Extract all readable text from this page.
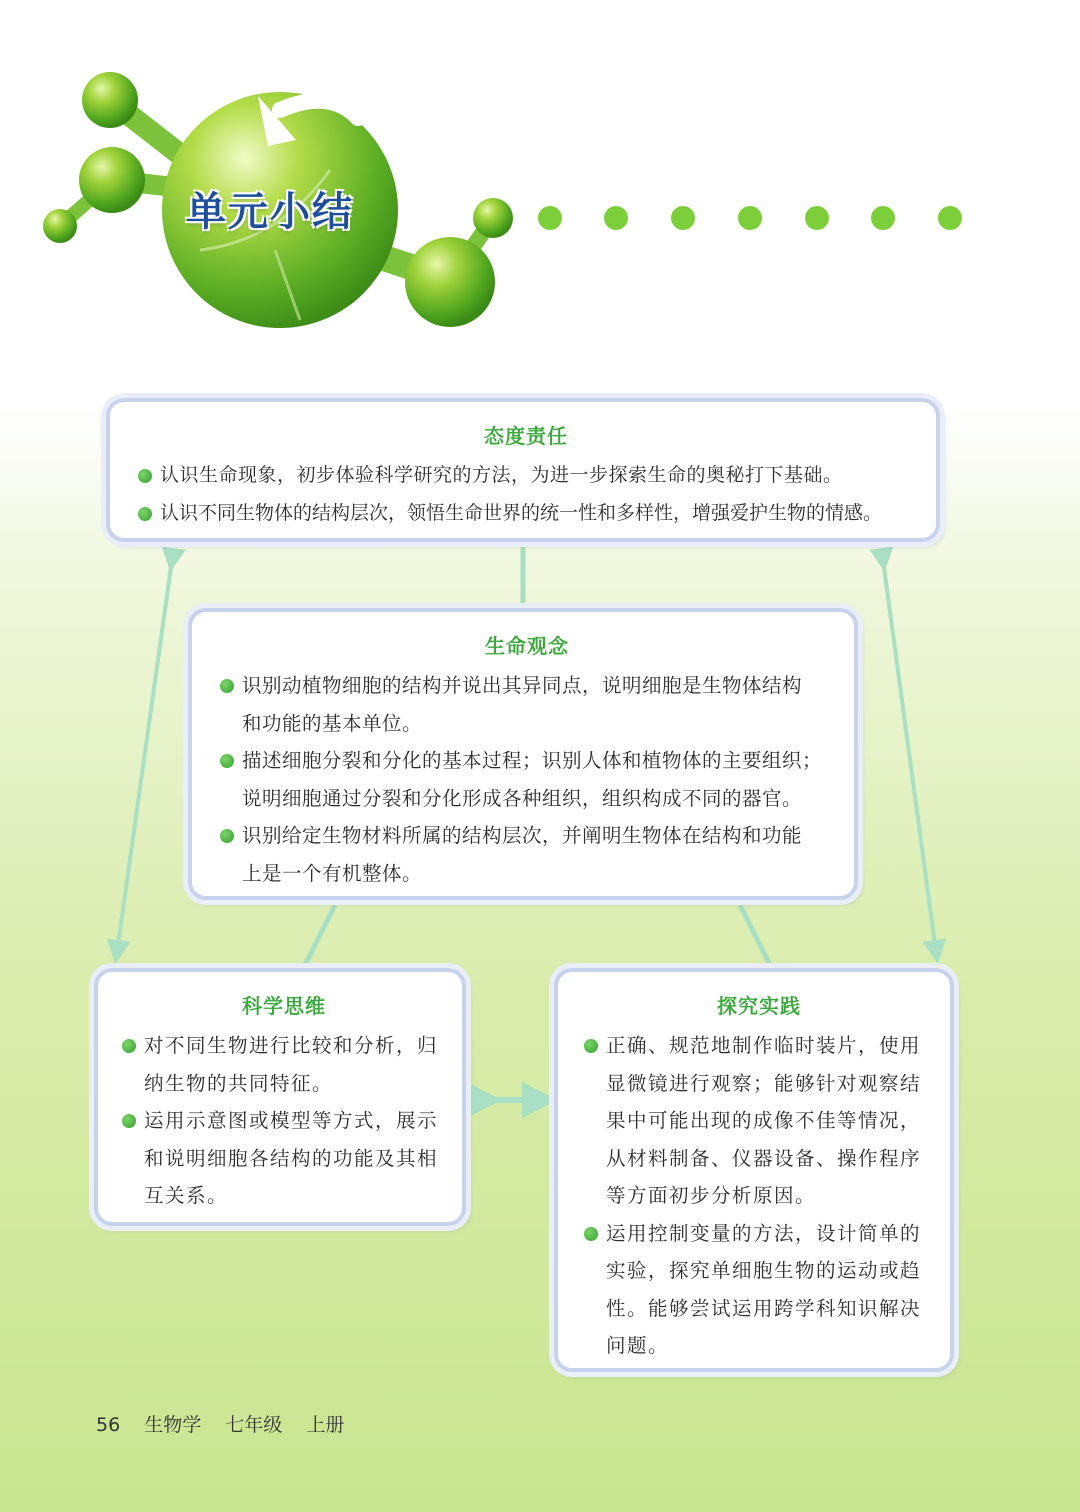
单元小结
态度责任
认识生命现象，初步体验科学研究的方法，为进一步探索生命的奥秘打下基础。
认识不同生物体的结构层次，领悟生命世界的统一性和多样性，增强爱护生物的情感。
生命观念
识别动植物细胞的结构并说出其异同点，说明细胞是生物体结构
和功能的基本单位。
描述细胞分裂和分化的基本过程；识别人体和植物体的主要组织；
说明细胞通过分裂和分化形成各种组织，组织构成不同的器官。
识别给定生物材料所属的结构层次，并阐明生物体在结构和功能
上是一个有机整体。
科学思维
对不同生物进行比较和分析，归
纳生物的共同特征。
运用示意图或模型等方式，展示
和说明细胞各结构的功能及其相
互关系。
探究实践
正确、规范地制作临时装片，使用
显微镜进行观察；能够针对观察结
果中可能出现的成像不佳等情况，
从材料制备、仪器设备、操作程序
等方面初步分析原因。
运用控制变量的方法，设计简单的
实验，探究单细胞生物的运动或趋
性。能够尝试运用跨学科知识解决
问题。
56 生物学 七年级 上册
